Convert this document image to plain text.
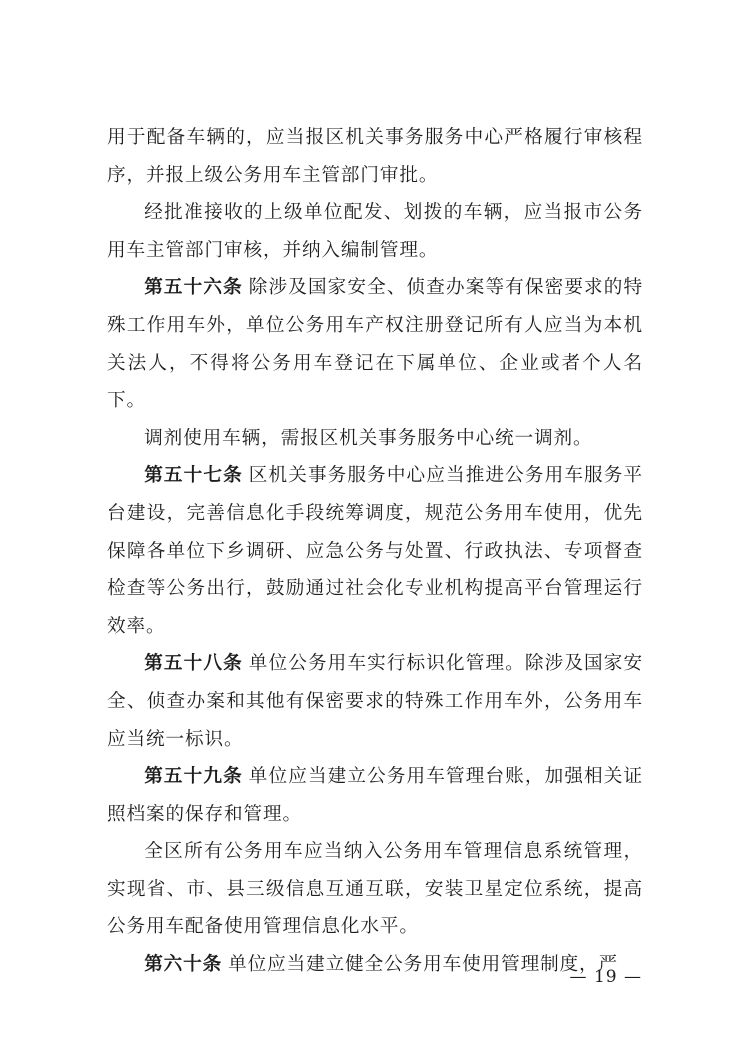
用于配备车辆的，应当报区机关事务服务中心严格履行审核程序，并报上级公务用车主管部门审批。

经批准接收的上级单位配发、划拨的车辆，应当报市公务用车主管部门审核，并纳入编制管理。

第五十六条 除涉及国家安全、侦查办案等有保密要求的特殊工作用车外，单位公务用车产权注册登记所有人应当为本机关法人，不得将公务用车登记在下属单位、企业或者个人名下。

调剂使用车辆，需报区机关事务服务中心统一调剂。

第五十七条 区机关事务服务中心应当推进公务用车服务平台建设，完善信息化手段统筹调度，规范公务用车使用，优先保障各单位下乡调研、应急公务与处置、行政执法、专项督查检查等公务出行，鼓励通过社会化专业机构提高平台管理运行效率。

第五十八条 单位公务用车实行标识化管理。除涉及国家安全、侦查办案和其他有保密要求的特殊工作用车外，公务用车应当统一标识。

第五十九条 单位应当建立公务用车管理台账，加强相关证照档案的保存和管理。

全区所有公务用车应当纳入公务用车管理信息系统管理，实现省、市、县三级信息互通互联，安装卫星定位系统，提高公务用车配备使用管理信息化水平。

第六十条 单位应当建立健全公务用车使用管理制度，严

— 19 —
